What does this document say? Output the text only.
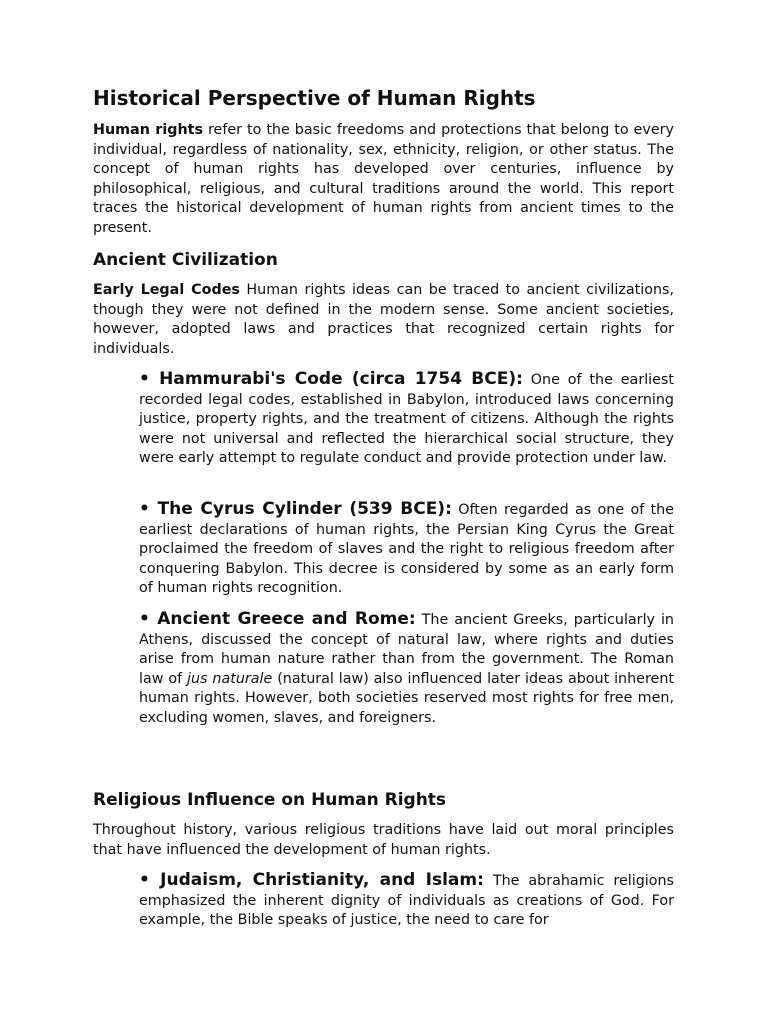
Historical Perspective of Human Rights

Human rights refer to the basic freedoms and protections that belong to every individual, regardless of nationality, sex, ethnicity, religion, or other status. The concept of human rights has developed over centuries, influence by philosophical, religious, and cultural traditions around the world. This report traces the historical development of human rights from ancient times to the present.

Ancient Civilization

Early Legal Codes Human rights ideas can be traced to ancient civilizations, though they were not defined in the modern sense. Some ancient societies, however, adopted laws and practices that recognized certain rights for individuals.

• Hammurabi's Code (circa 1754 BCE): One of the earliest recorded legal codes, established in Babylon, introduced laws concerning justice, property rights, and the treatment of citizens. Although the rights were not universal and reflected the hierarchical social structure, they were early attempt to regulate conduct and provide protection under law.

• The Cyrus Cylinder (539 BCE): Often regarded as one of the earliest declarations of human rights, the Persian King Cyrus the Great proclaimed the freedom of slaves and the right to religious freedom after conquering Babylon. This decree is considered by some as an early form of human rights recognition.

• Ancient Greece and Rome: The ancient Greeks, particularly in Athens, discussed the concept of natural law, where rights and duties arise from human nature rather than from the government. The Roman law of jus naturale (natural law) also influenced later ideas about inherent human rights. However, both societies reserved most rights for free men, excluding women, slaves, and foreigners.

Religious Influence on Human Rights

Throughout history, various religious traditions have laid out moral principles that have influenced the development of human rights.

• Judaism, Christianity, and Islam: The abrahamic religions emphasized the inherent dignity of individuals as creations of God. For example, the Bible speaks of justice, the need to care for
